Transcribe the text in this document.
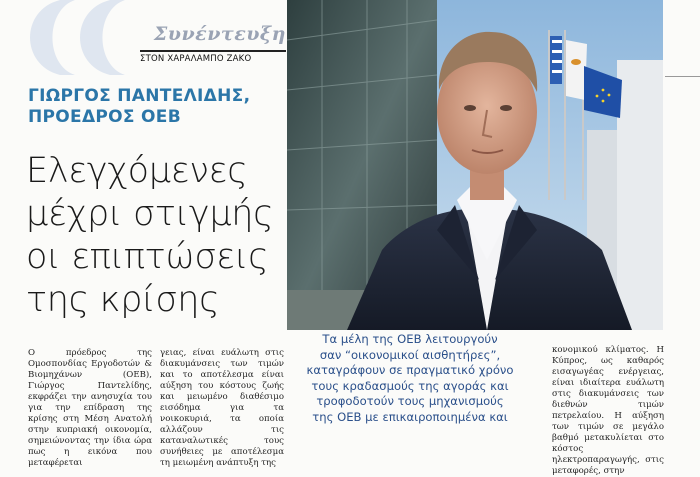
Συνέντευξη
ΣΤΟΝ ΧΑΡΑΛΑΜΠΟ ΖΑΚΟ
ΓΙΩΡΓΟΣ ΠΑΝΤΕΛΙΔΗΣ,
ΠΡΟΕΔΡΟΣ ΟΕΒ
Ελεγχόμενες
μέχρι στιγμής
οι επιπτώσεις
της κρίσης
Ο πρόεδρος της Ομοσπονδίας Εργοδοτών & Βιομηχάνων (ΟΕΒ), Γιώργος Παντελίδης, εκφράζει την ανησυχία του για την επίδραση της κρίσης στη Μέση Ανατολή στην κυπριακή οικονομία, σημειώνοντας την ίδια ώρα πως η εικόνα που μεταφέρεται
γειας, είναι ευάλωτη στις διακυμάνσεις των τιμών και το αποτέλεσμα είναι αύξηση του κόστους ζωής και μειωμένο διαθέσιμο εισόδημα για τα νοικοκυριά, τα οποία αλλάζουν τις καταναλωτικές τους συνήθειες με αποτέλεσμα τη μειωμένη ανάπτυξη της
Τα μέλη της ΟΕΒ λειτουργούν
σαν “οικονομικοί αισθητήρες”,
καταγράφουν σε πραγματικό χρόνο
τους κραδασμούς της αγοράς και
τροφοδοτούν τους μηχανισμούς
της ΟΕΒ με επικαιροποιημένα και
κονομικού κλίματος. Η Κύπρος, ως καθαρός εισαγωγέας ενέργειας, είναι ιδιαίτερα ευάλωτη στις διακυμάνσεις των διεθνών τιμών πετρελαίου. Η αύξηση των τιμών σε μεγάλο βαθμό μετακυλίεται στο κόστος ηλεκτροπαραγωγής, στις μεταφορές, στην
